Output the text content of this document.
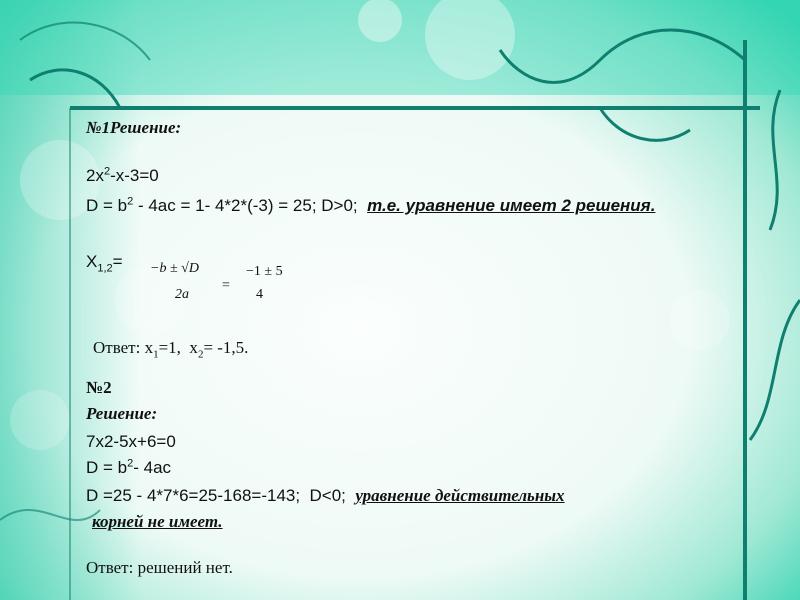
№1Решение:
$2x^2-x-3=0$
$D = b^2 - 4ac = 1-$ 4*2*(-3) = 25; D>0;  т.е. уравнение имеет 2 решения.
$X_{1,2}= -b \pm √D$
2a
=
−1 ± 5
4
Ответ: $x_1=1$,  $x_2= -1,5$.
№2
Решение:
7x2-5x+6=0
$D = b^2-$ 4ac
D =25 - 4*7*6=25-168=-143;  D<0;  уравнение действительных
корней не имеет.
Ответ: решений нет.
